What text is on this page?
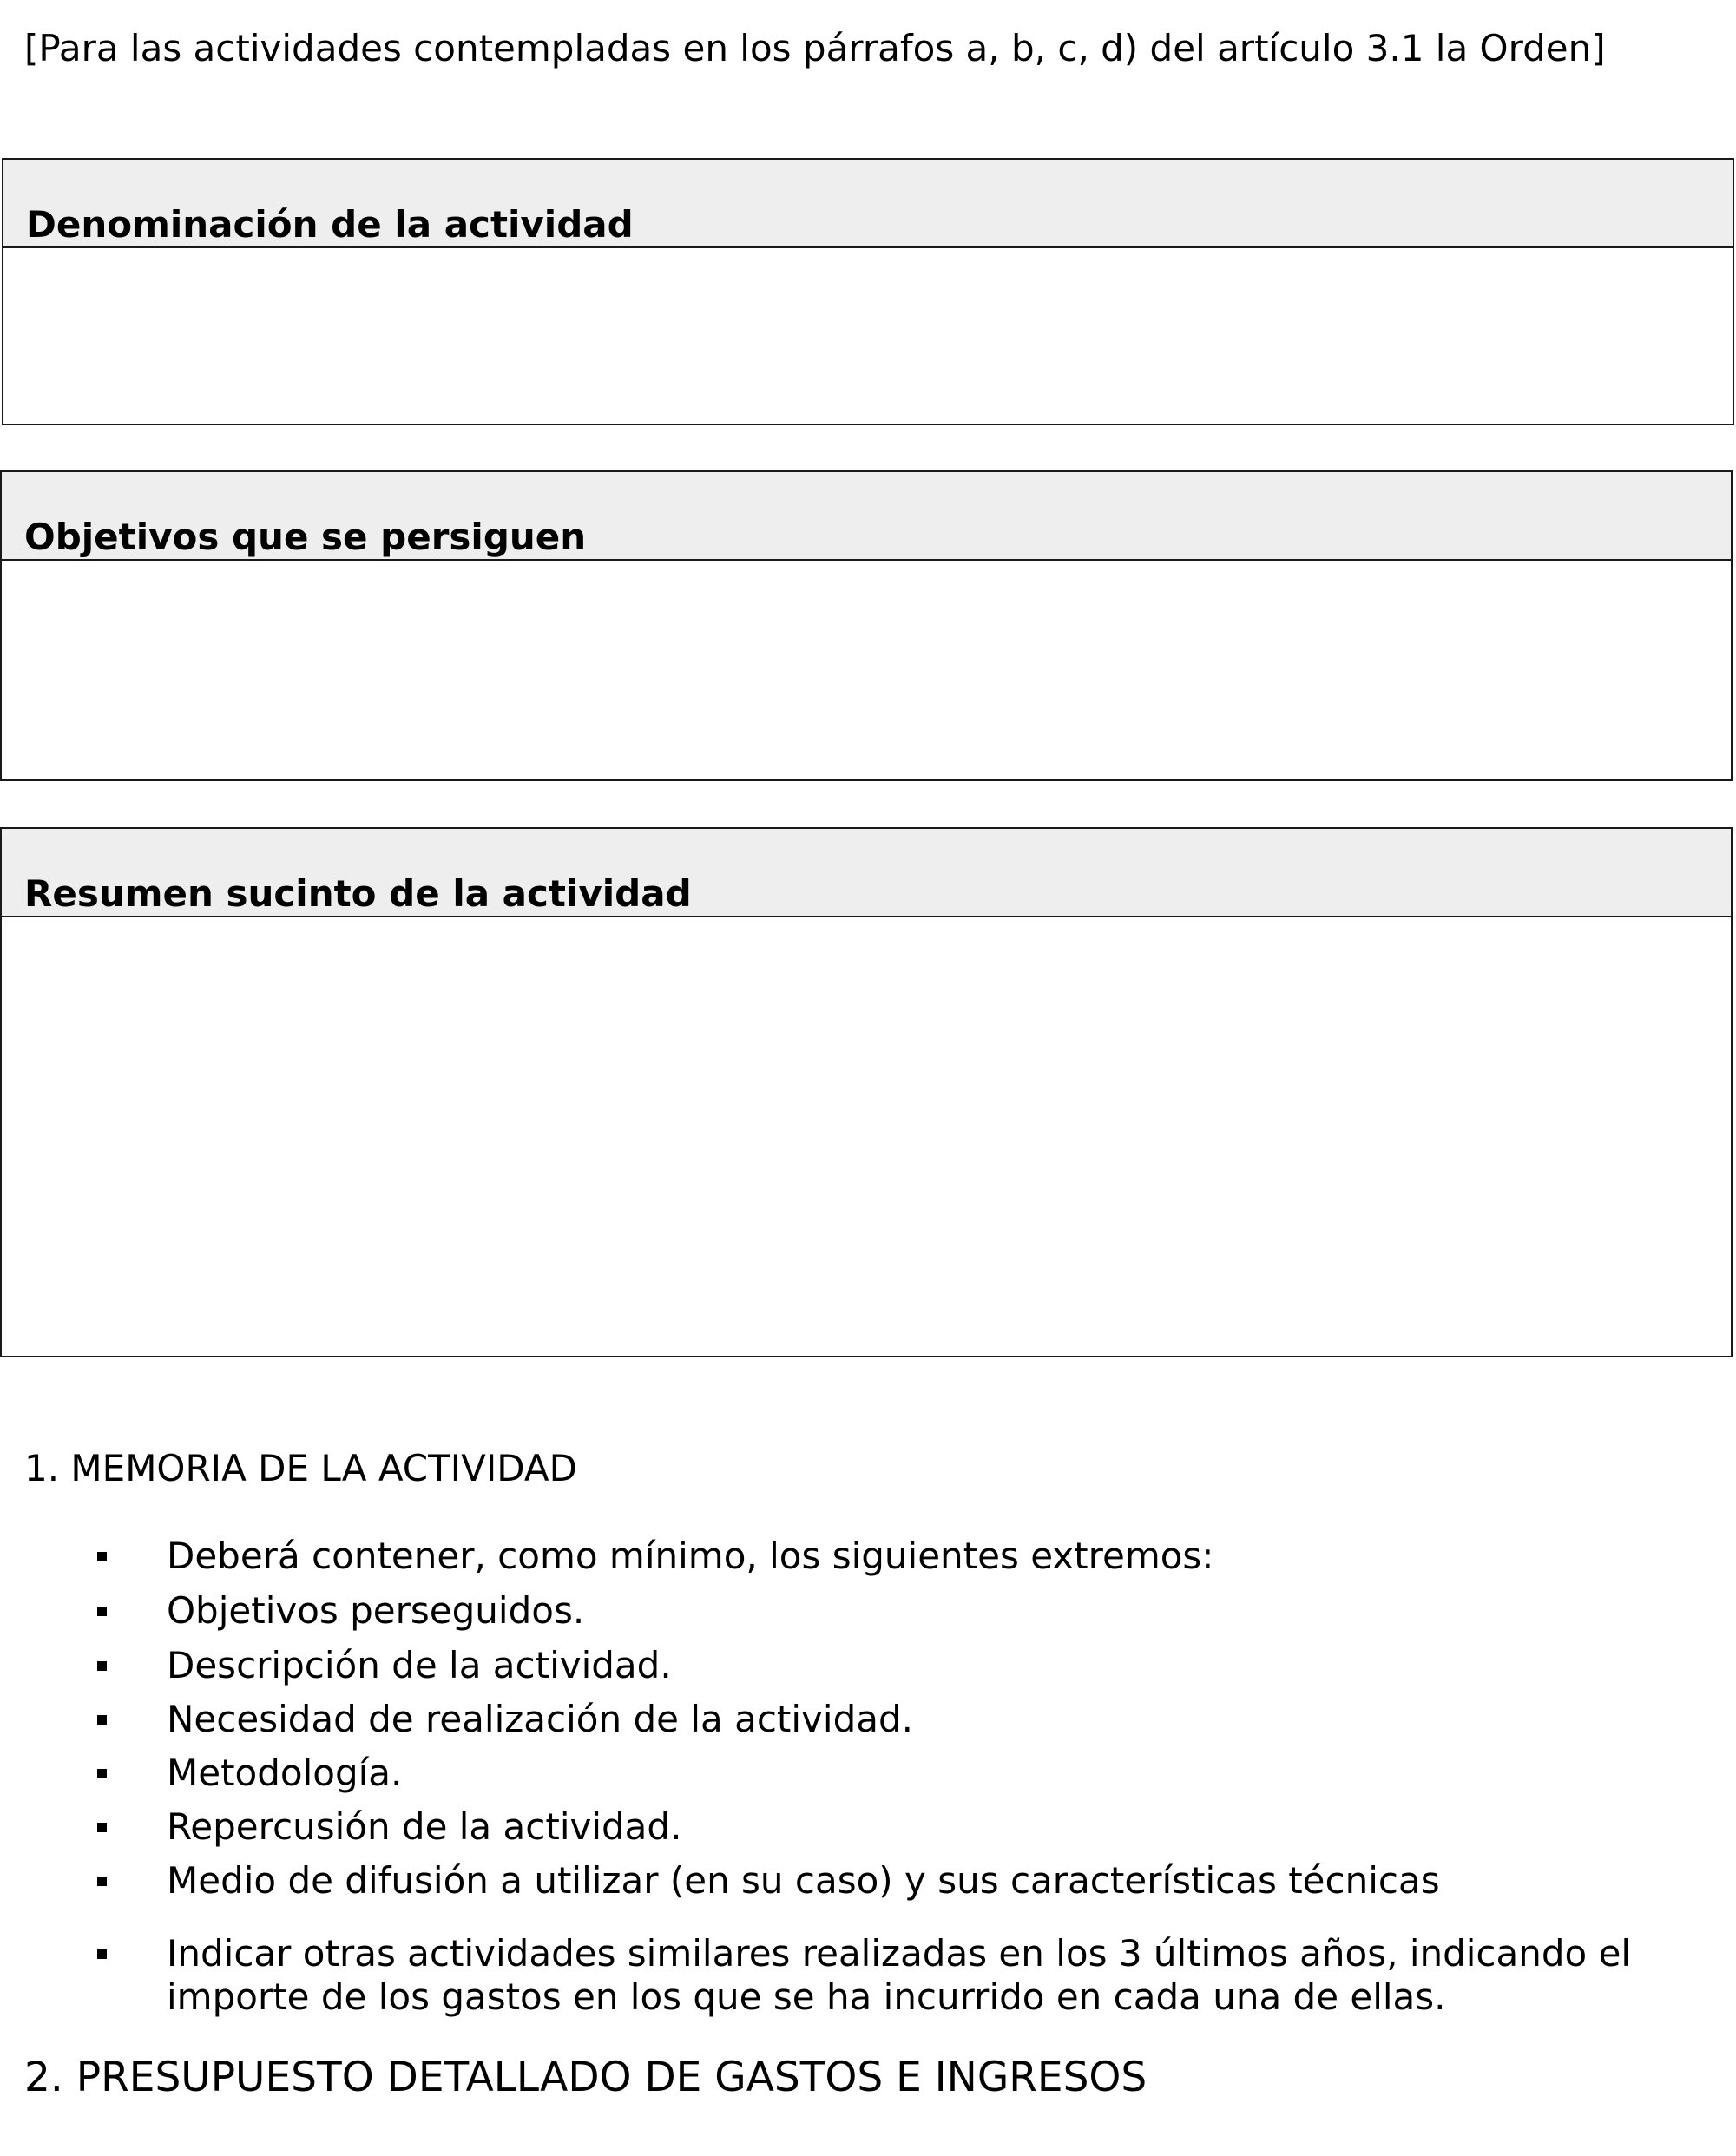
[Para las actividades contempladas en los párrafos a, b, c, d) del artículo 3.1 la Orden]
Denominación de la actividad
Objetivos que se persiguen
Resumen sucinto de la actividad
1. MEMORIA DE LA ACTIVIDAD
Deberá contener, como mínimo, los siguientes extremos:
Objetivos perseguidos.
Descripción de la actividad.
Necesidad de realización de la actividad.
Metodología.
Repercusión de la actividad.
Medio de difusión a utilizar (en su caso) y sus características técnicas
Indicar otras actividades similares realizadas en los 3 últimos años, indicando el importe de los gastos en los que se ha incurrido en cada una de ellas.
2. PRESUPUESTO DETALLADO DE GASTOS E INGRESOS
